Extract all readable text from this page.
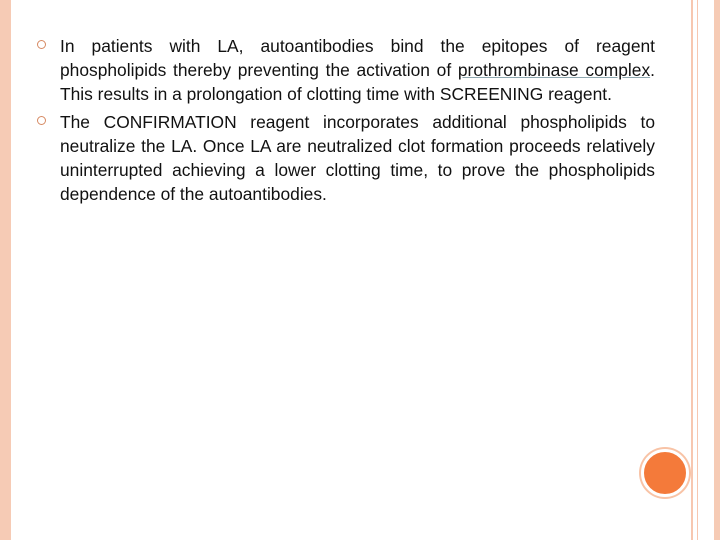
In patients with LA, autoantibodies bind the epitopes of reagent phospholipids thereby preventing the activation of prothrombinase complex. This results in a prolongation of clotting time with SCREENING reagent.
The CONFIRMATION reagent incorporates additional phospholipids to neutralize the LA. Once LA are neutralized clot formation proceeds relatively uninterrupted achieving a lower clotting time, to prove the phospholipids dependence of the autoantibodies.
